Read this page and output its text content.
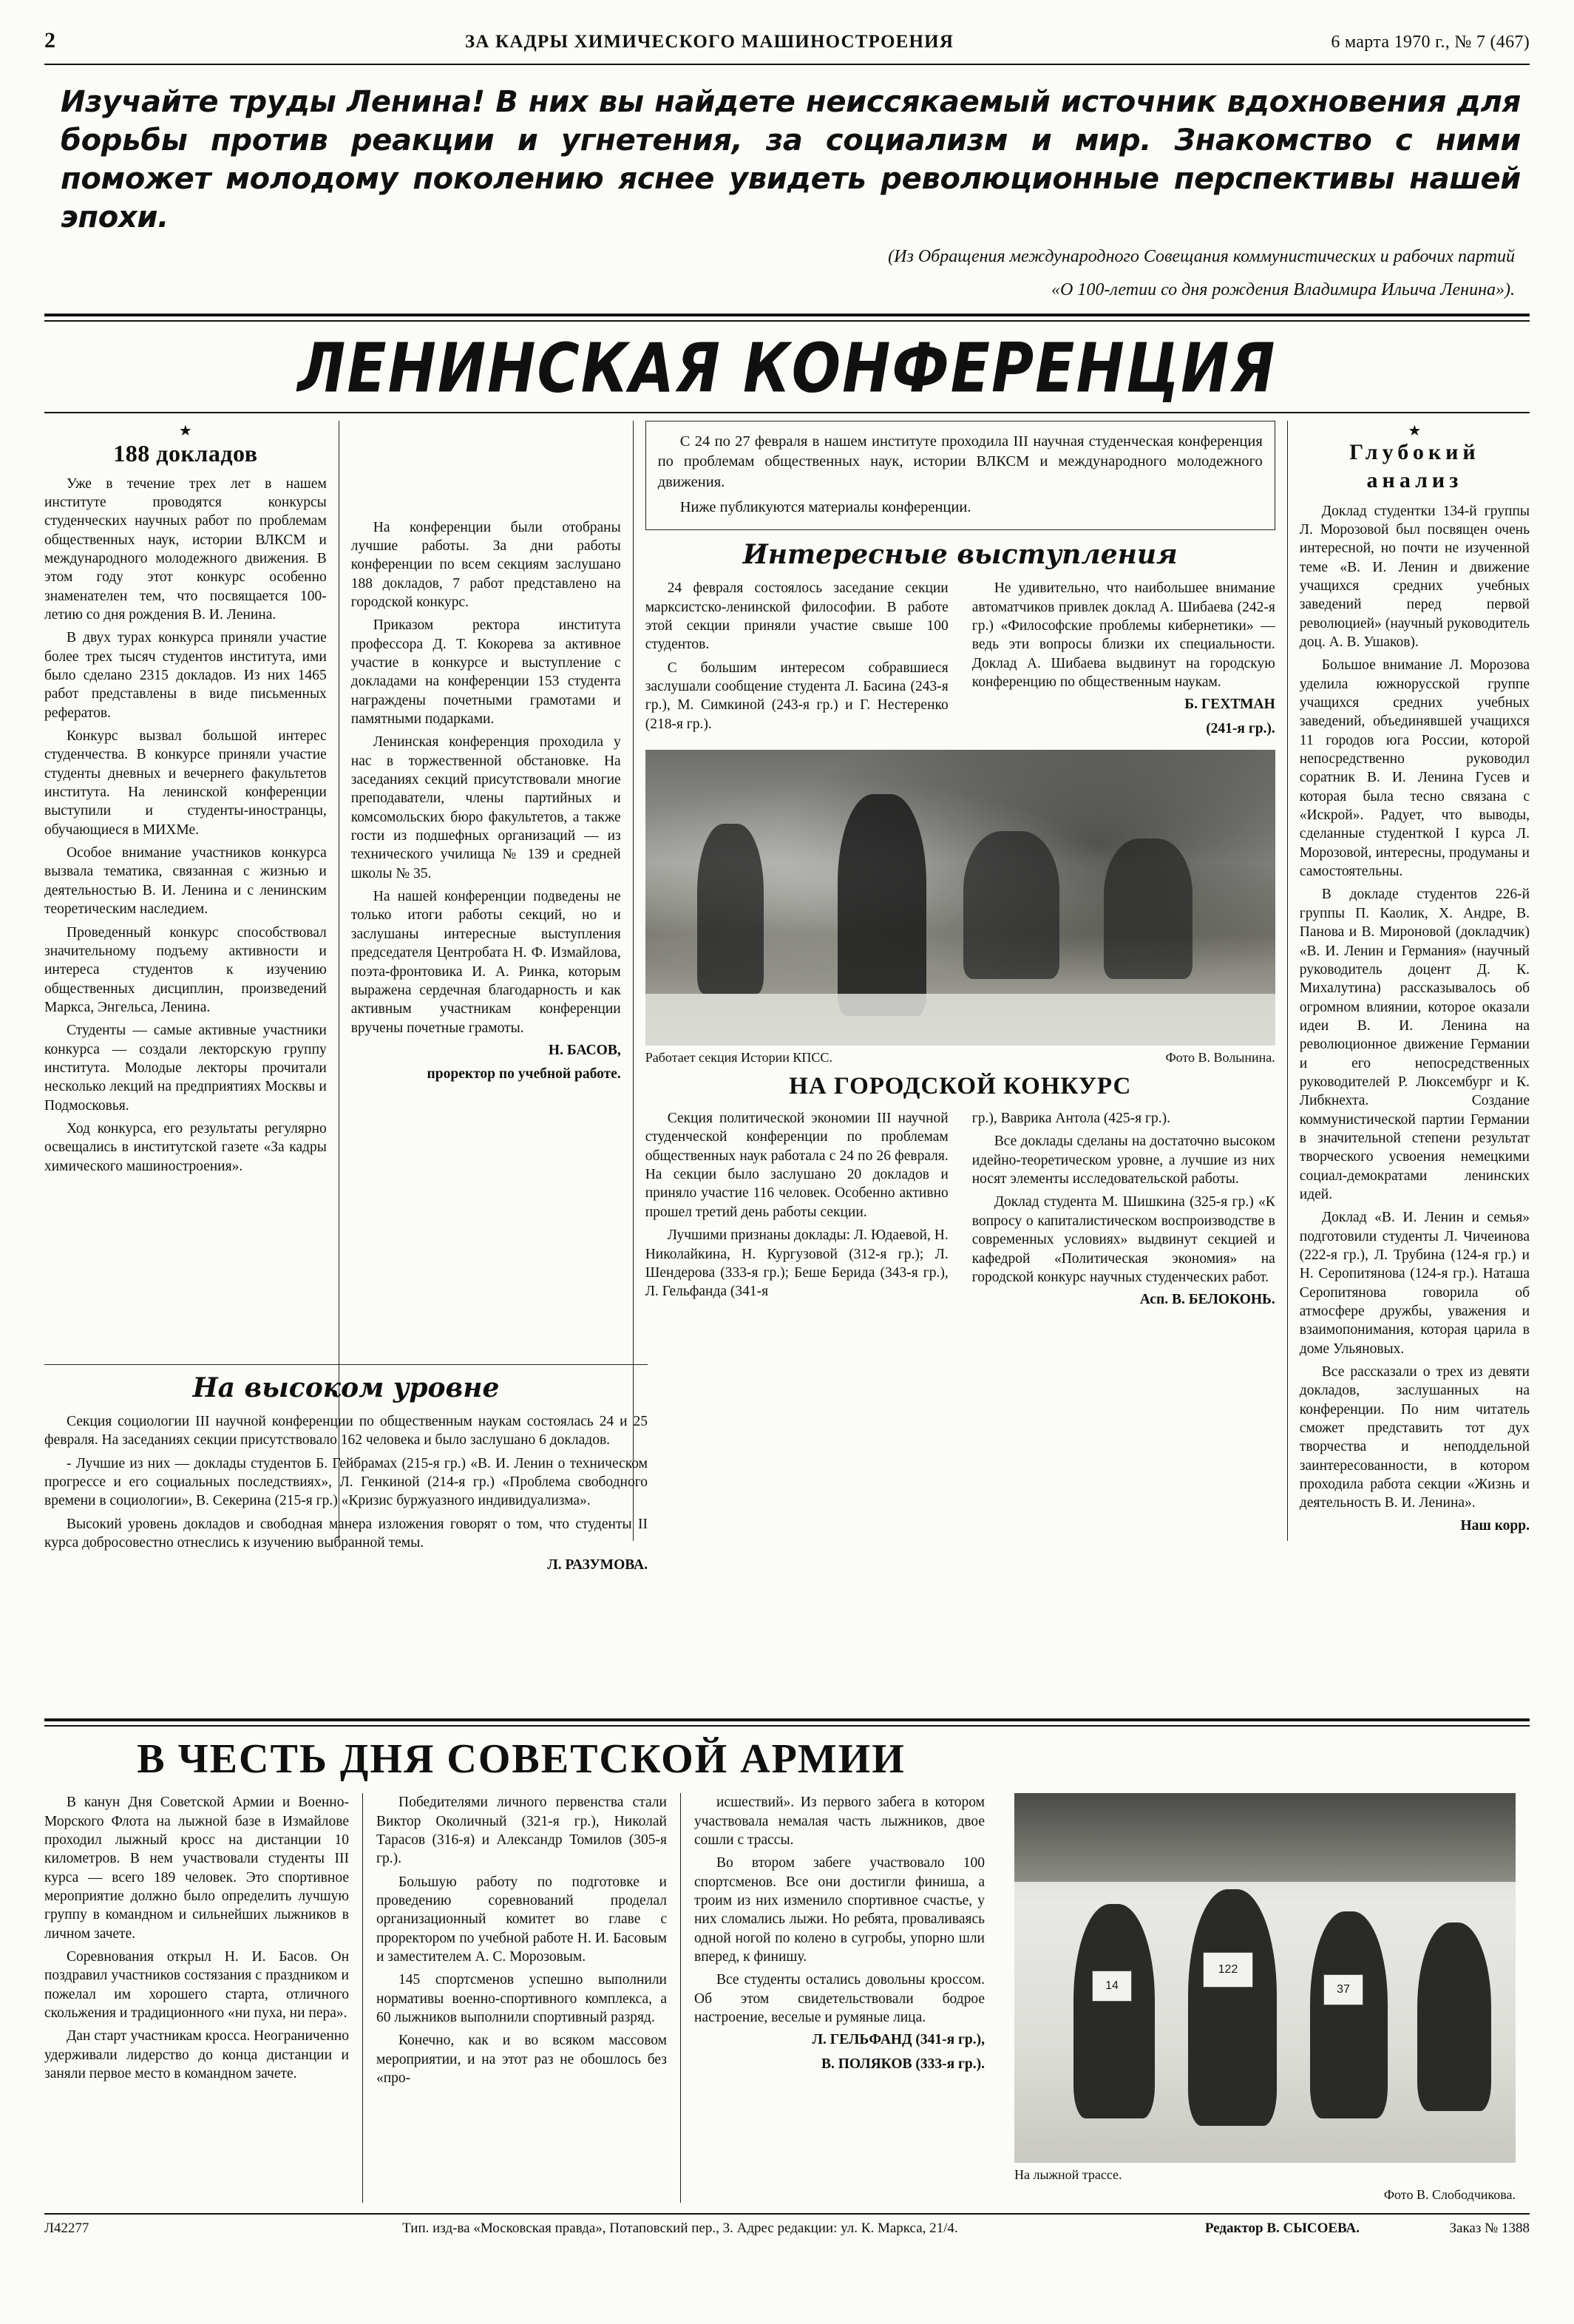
2	ЗА КАДРЫ ХИМИЧЕСКОГО МАШИНОСТРОЕНИЯ	6 марта 1970 г., № 7 (467)
Изучайте труды Ленина! В них вы найдете неиссякаемый источник вдохновения для борьбы против реакции и угнетения, за социализм и мир. Знакомство с ними поможет молодому поколению яснее увидеть революционные перспективы нашей эпохи.
(Из Обращения международного Совещания коммунистических и рабочих партий
«О 100-летии со дня рождения Владимира Ильича Ленина»).
ЛЕНИНСКАЯ КОНФЕРЕНЦИЯ
★
188 докладов

Уже в течение трех лет в нашем институте проводятся конкурсы студенческих научных работ по проблемам общественных наук, истории ВЛКСМ и международного молодежного движения. В этом году этот конкурс особенно знаменателен тем, что посвящается 100-летию со дня рождения В. И. Ленина.

В двух турах конкурса приняли участие более трех тысяч студентов института, ими было сделано 2315 докладов. Из них 1465 работ представлены в виде письменных рефератов.

Конкурс вызвал большой интерес студенчества. В конкурсе приняли участие студенты дневных и вечернего факультетов института. На ленинской конференции выступили и студенты-иностранцы, обучающиеся в МИХМе.

Особое внимание участников конкурса вызвала тематика, связанная с жизнью и деятельностью В. И. Ленина и с ленинским теоретическим наследием.

Проведенный конкурс способствовал значительному подъему активности и интереса студентов к изучению общественных дисциплин, произведений Маркса, Энгельса, Ленина.

Студенты — самые активные участники конкурса — создали лекторскую группу института. Молодые лекторы прочитали несколько лекций на предприятиях Москвы и Подмосковья.

Ход конкурса, его результаты регулярно освещались в институтской газете «За кадры химического машиностроения».

На конференции были отобраны лучшие работы. За дни работы конференции по всем секциям заслушано 188 докладов, 7 работ представлено на городской конкурс.

Приказом ректора института профессора Д. Т. Кокорева за активное участие в конкурсе и выступление с докладами на конференции 153 студента награждены почетными грамотами и памятными подарками.

Ленинская конференция проходила у нас в торжественной обстановке. На заседаниях секций присутствовали многие преподаватели, члены партийных и комсомольских бюро факультетов, а также гости из подшефных организаций — из технического училища № 139 и средней школы № 35.

На нашей конференции подведены не только итоги работы секций, но и заслушаны интересные выступления председателя Центробата Н. Ф. Измайлова, поэта-фронтовика И. А. Ринка, которым выражена сердечная благодарность и как активным участникам конференции вручены почетные грамоты.

Н. БАСОВ,
проректор по учебной работе.

С 24 по 27 февраля в нашем институте проходила III научная студенческая конференция по проблемам общественных наук, истории ВЛКСМ и международного молодежного движения.

Ниже публикуются материалы конференции.

Интересные выступления

24 февраля состоялось заседание секции марксистско-ленинской философии. В работе этой секции приняли участие свыше 100 студентов.

С большим интересом собравшиеся заслушали сообщение студента Л. Басина (243-я гр.), М. Симкиной (243-я гр.) и Г. Нестеренко (218-я гр.).

Не удивительно, что наибольшее внимание автоматчиков привлек доклад А. Шибаева (242-я гр.) «Философские проблемы кибернетики» — ведь эти вопросы близки их специальности. Доклад А. Шибаева выдвинут на городскую конференцию по общественным наукам.

Б. ГЕХТМАН
(241-я гр.).
Работает секция Истории КПСС.	Фото В. Волынина.
НА ГОРОДСКОЙ КОНКУРС

Секция политической экономии III научной студенческой конференции по проблемам общественных наук работала с 24 по 26 февраля. На секции было заслушано 20 докладов и приняло участие 116 человек. Особенно активно прошел третий день работы секции.

Лучшими признаны доклады: Л. Юдаевой, Н. Николайкина, Н. Кургузовой (312-я гр.); Л. Шендерова (333-я гр.); Беше Берида (343-я гр.), Л. Гельфанда (341-я

гр.), Ваврика Антола (425-я гр.).

Все доклады сделаны на достаточно высоком идейно-теоретическом уровне, а лучшие из них носят элементы исследовательской работы.

Доклад студента М. Шишкина (325-я гр.) «К вопросу о капиталистическом воспроизводстве в современных условиях» выдвинут секцией и кафедрой «Политическая экономия» на городской конкурс научных студенческих работ.

Асп. В. БЕЛОКОНЬ.
★
Глубокий
анализ

Доклад студентки 134-й группы Л. Морозовой был посвящен очень интересной, но почти не изученной теме «В. И. Ленин и движение учащихся средних учебных заведений перед первой революцией» (научный руководитель доц. А. В. Ушаков).

Большое внимание Л. Морозова уделила южнорусской группе учащихся средних учебных заведений, объединявшей учащихся 11 городов юга России, которой непосредственно руководил соратник В. И. Ленина Гусев и которая была тесно связана с «Искрой». Радует, что выводы, сделанные студенткой I курса Л. Морозовой, интересны, продуманы и самостоятельны.

В докладе студентов 226-й группы П. Каолик, Х. Андре, В. Панова и В. Мироновой (докладчик) «В. И. Ленин и Германия» (научный руководитель доцент Д. К. Михалутина) рассказывалось об огромном влиянии, которое оказали идеи В. И. Ленина на революционное движение Германии и его непосредственных руководителей Р. Люксембург и К. Либкнехта. Создание коммунистической партии Германии в значительной степени результат творческого усвоения немецкими социал-демократами ленинских идей.

Доклад «В. И. Ленин и семья» подготовили студенты Л. Чичеинова (222-я гр.), Л. Трубина (124-я гр.) и Н. Серопитянова (124-я гр.). Наташа Серопитянова говорила об атмосфере дружбы, уважения и взаимопонимания, которая царила в доме Ульяновых.

Все рассказали о трех из девяти докладов, заслушанных на конференции. По ним читатель сможет представить тот дух творчества и неподдельной заинтересованности, в котором проходила работа секции «Жизнь и деятельность В. И. Ленина».

Наш корр.
На высоком уровне

Секция социологии III научной конференции по общественным наукам состоялась 24 и 25 февраля. На заседаниях секции присутствовало 162 человека и было заслушано 6 докладов.

- Лучшие из них — доклады студентов Б. Гейбрамах (215-я гр.) «В. И. Ленин о техническом прогрессе и его социальных последствиях», Л. Генкиной (214-я гр.) «Проблема свободного времени в социологии», В. Секерина (215-я гр.) «Кризис буржуазного индивидуализма».

Высокий уровень докладов и свободная манера изложения говорят о том, что студенты II курса добросовестно отнеслись к изучению выбранной темы.

Л. РАЗУМОВА.
В ЧЕСТЬ ДНЯ СОВЕТСКОЙ АРМИИ

В канун Дня Советской Армии и Военно-Морского Флота на лыжной базе в Измайлове проходил лыжный кросс на дистанции 10 километров. В нем участвовали студенты III курса — всего 189 человек. Это спортивное мероприятие должно было определить лучшую группу в командном и сильнейших лыжников в личном зачете.

Соревнования открыл Н. И. Басов. Он поздравил участников состязания с праздником и пожелал им хорошего старта, отличного скольжения и традиционного «ни пуха, ни пера».

Дан старт участникам кросса. Неограниченно удерживали лидерство до конца дистанции и заняли первое место в командном зачете.

Победителями личного первенства стали Виктор Околичный (321-я гр.), Николай Тарасов (316-я) и Александр Томилов (305-я гр.).

Большую работу по подготовке и проведению соревнований проделал организационный комитет во главе с проректором по учебной работе Н. И. Басовым и заместителем А. С. Морозовым.

145 спортсменов успешно выполнили нормативы военно-спортивного комплекса, а 60 лыжников выполнили спортивный разряд.

Конечно, как и во всяком массовом мероприятии, и на этот раз не обошлось без «про-

исшествий». Из первого забега в котором участвовала немалая часть лыжников, двое сошли с трассы.

Во втором забеге участвовало 100 спортсменов. Все они достигли финиша, а троим из них изменило спортивное счастье, у них сломались лыжи. Но ребята, проваливаясь одной ногой по колено в сугробы, упорно шли вперед, к финишу.

Все студенты остались довольны кроссом. Об этом свидетельствовали бодрое настроение, веселые и румяные лица.

Л. ГЕЛЬФАНД (341-я гр.),
В. ПОЛЯКОВ (333-я гр.).
122
14	37
На лыжной трассе.
Фото В. Слободчикова.
Л42277	Тип. изд-ва «Московская правда», Потаповский пер., 3. Адрес редакции: ул. К. Маркса, 21/4.	Редактор В. СЫСОЕВА.	Заказ № 1388
